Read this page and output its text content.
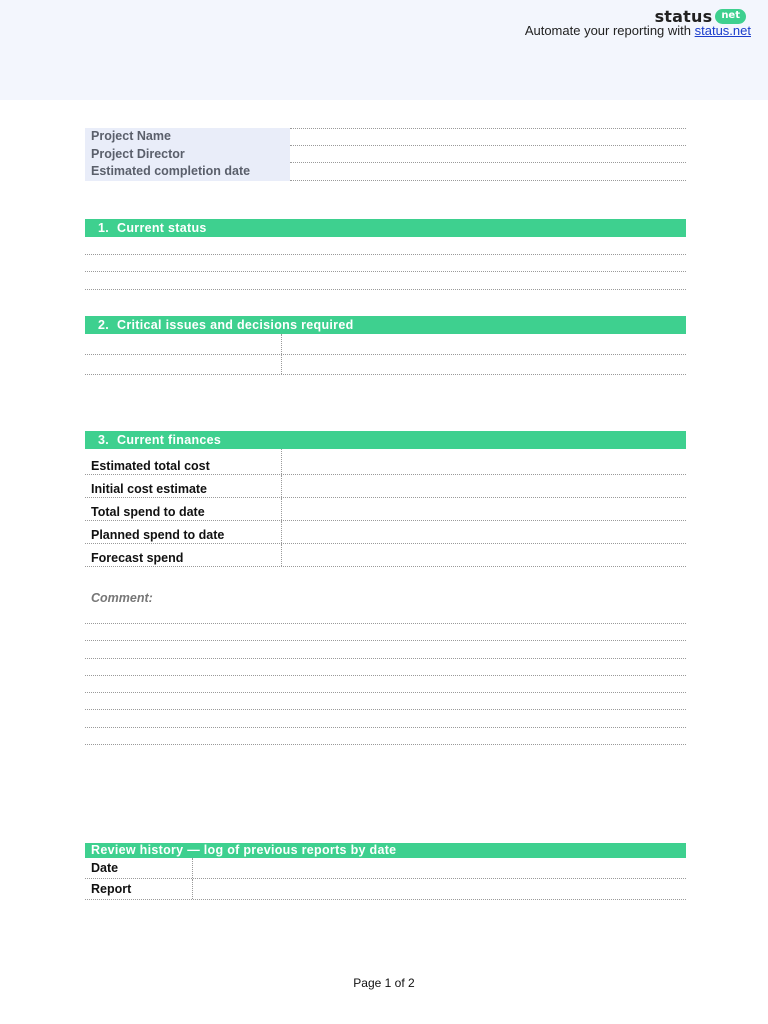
status net
Automate your reporting with status.net
Project Name
Project Director
Estimated completion date
1. Current status
2. Critical issues and decisions required
3. Current finances
Estimated total cost
Initial cost estimate
Total spend to date
Planned spend to date
Forecast spend
Comment:
Review history — log of previous reports by date
Date
Report
Page 1 of 2
